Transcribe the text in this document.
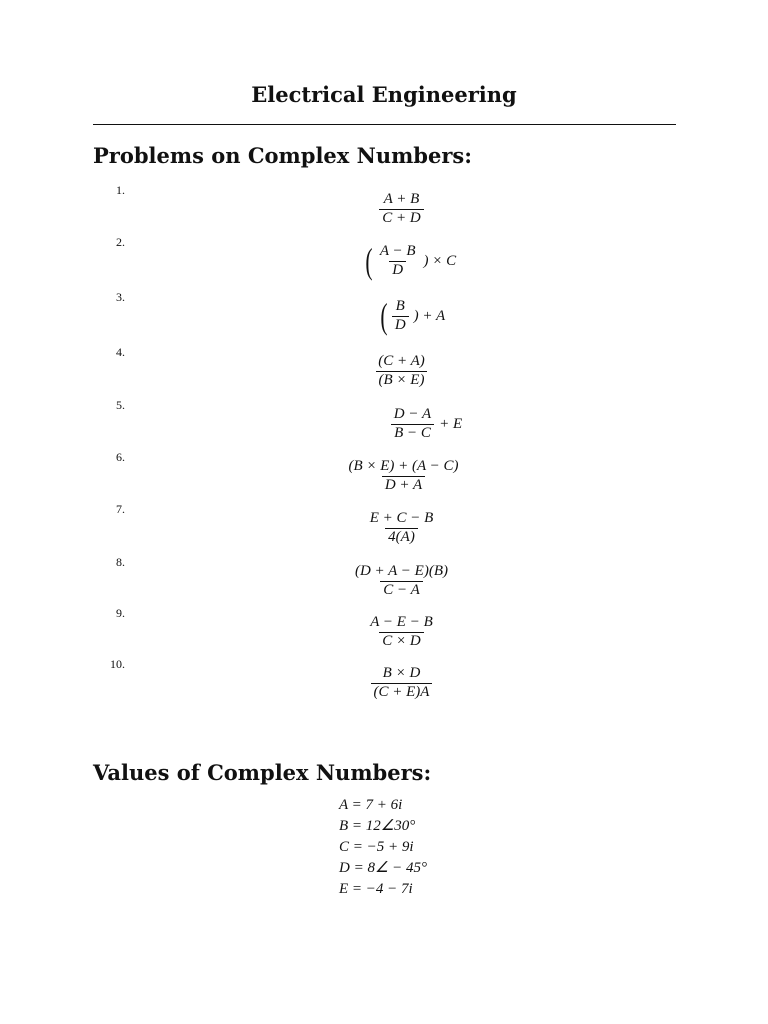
Electrical Engineering
Problems on Complex Numbers:
1.
$\frac{A + B}{C + D}$
2.	( $\frac{A - B}{D}$ ) × C
3.	( $\frac{B}{D}$ ) + A
4.
$\frac{(C + A)}{(B \times E)}$
5.
$\frac{D - A}{B - C} + E$
6.
$\frac{(B \times E) + (A - C)}{D + A}$
7.
$\frac{E + C - B}{4(A)}$
8.
$\frac{(D + A - E)(B)}{C - A}$
9.
$\frac{A - E - B}{C \times D}$
10.
$\frac{B \times D}{(C + E)A}$
Values of Complex Numbers:
A = 7 + 6i
B = 12∠30°
C = −5 + 9i
D = 8∠ − 45°
E = −4 − 7i
